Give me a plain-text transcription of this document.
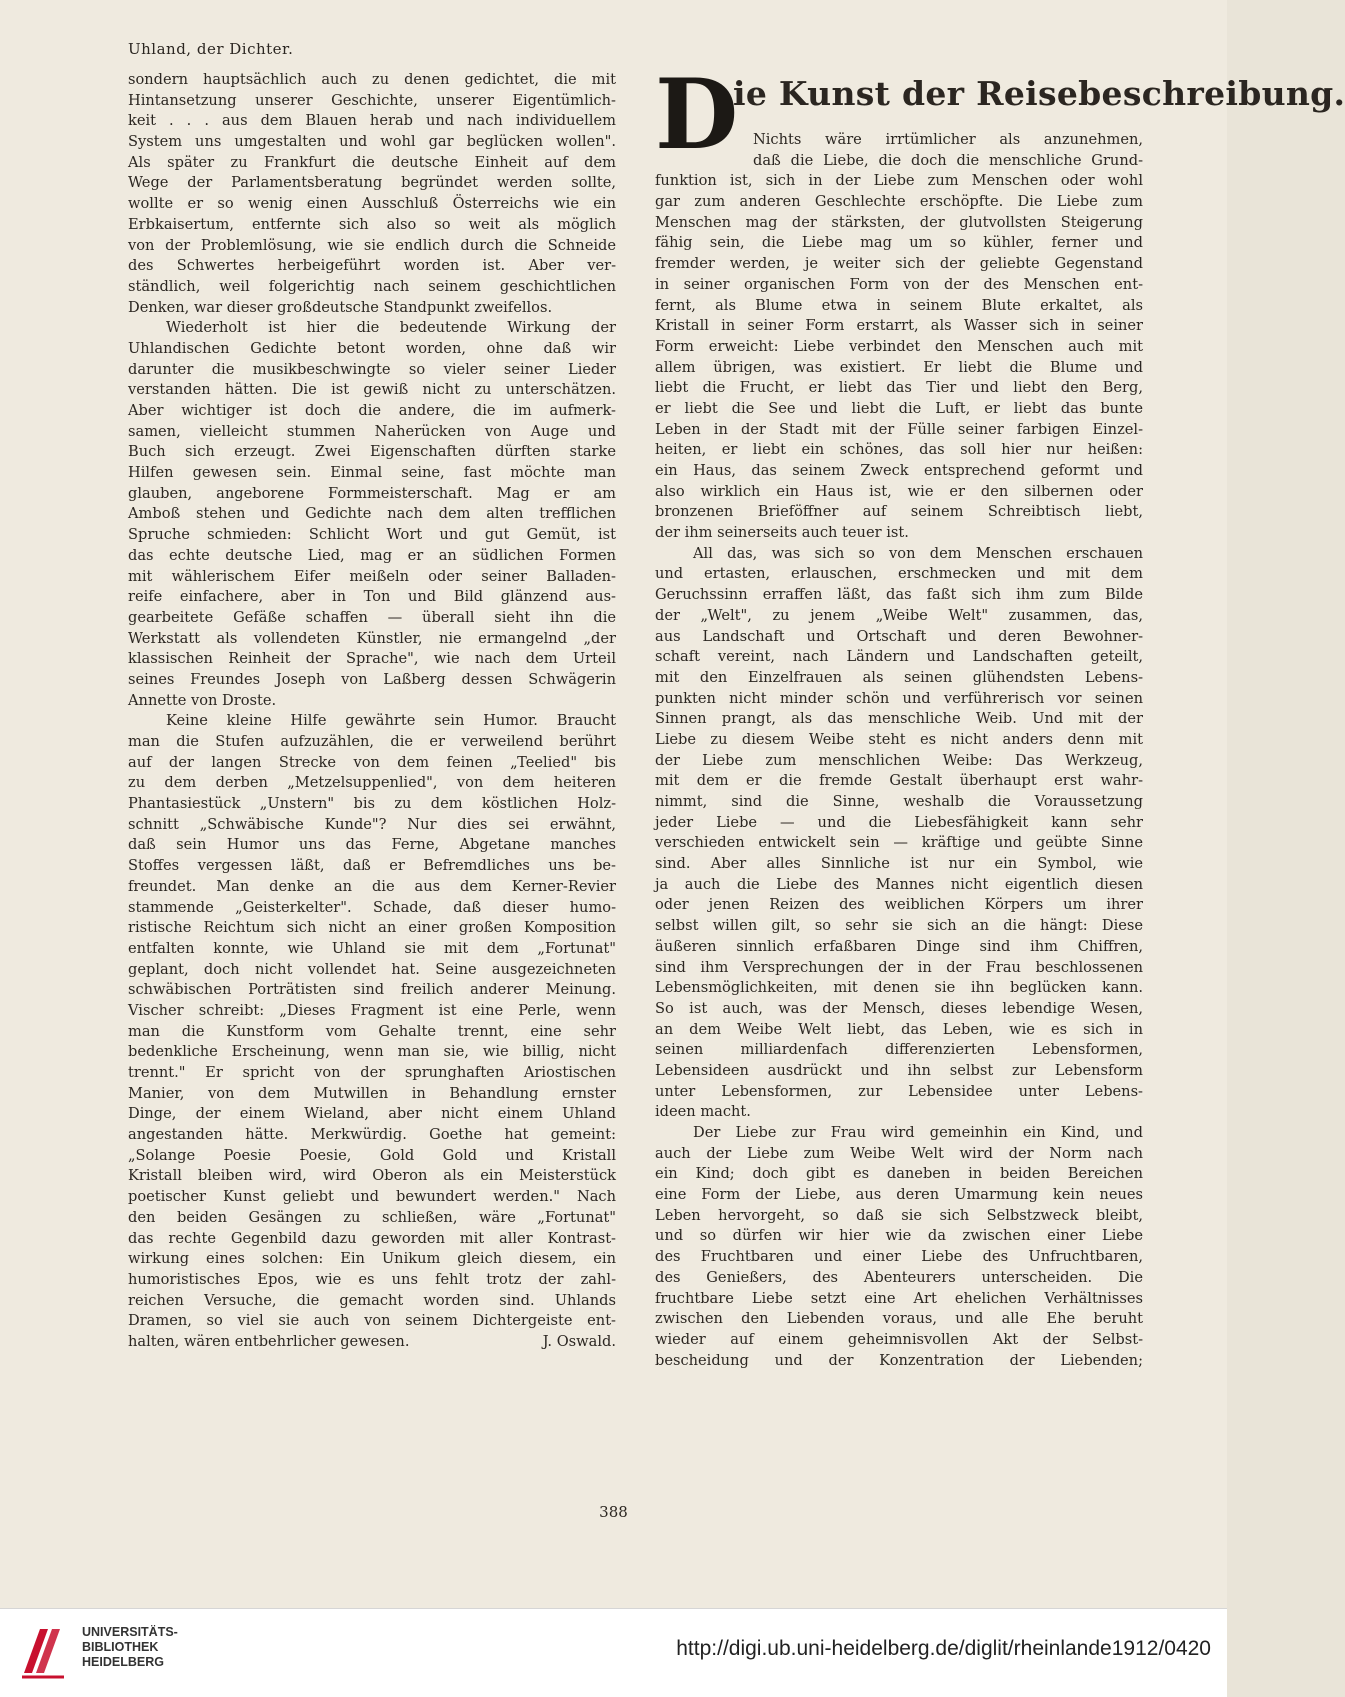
Uhland, der Dichter.
sondern hauptsächlich auch zu denen gedichtet, die mit
Hintansetzung unserer Geschichte, unserer Eigentümlich-
keit . . . aus dem Blauen herab und nach individuellem
System uns umgestalten und wohl gar beglücken wollen".
Als später zu Frankfurt die deutsche Einheit auf dem
Wege der Parlamentsberatung begründet werden sollte,
wollte er so wenig einen Ausschluß Österreichs wie ein
Erbkaisertum, entfernte sich also so weit als möglich
von der Problemlösung, wie sie endlich durch die Schneide
des Schwertes herbeigeführt worden ist. Aber ver-
ständlich, weil folgerichtig nach seinem geschichtlichen
Denken, war dieser großdeutsche Standpunkt zweifellos.
Wiederholt ist hier die bedeutende Wirkung der
Uhlandischen Gedichte betont worden, ohne daß wir
darunter die musikbeschwingte so vieler seiner Lieder
verstanden hätten. Die ist gewiß nicht zu unterschätzen.
Aber wichtiger ist doch die andere, die im aufmerk-
samen, vielleicht stummen Naherücken von Auge und
Buch sich erzeugt. Zwei Eigenschaften dürften starke
Hilfen gewesen sein. Einmal seine, fast möchte man
glauben, angeborene Formmeisterschaft. Mag er am
Amboß stehen und Gedichte nach dem alten trefflichen
Spruche schmieden: Schlicht Wort und gut Gemüt, ist
das echte deutsche Lied, mag er an südlichen Formen
mit wählerischem Eifer meißeln oder seiner Balladen-
reife einfachere, aber in Ton und Bild glänzend aus-
gearbeitete Gefäße schaffen — überall sieht ihn die
Werkstatt als vollendeten Künstler, nie ermangelnd „der
klassischen Reinheit der Sprache", wie nach dem Urteil
seines Freundes Joseph von Laßberg dessen Schwägerin
Annette von Droste.
Keine kleine Hilfe gewährte sein Humor. Braucht
man die Stufen aufzuzählen, die er verweilend berührt
auf der langen Strecke von dem feinen „Teelied" bis
zu dem derben „Metzelsuppenlied", von dem heiteren
Phantasiestück „Unstern" bis zu dem köstlichen Holz-
schnitt „Schwäbische Kunde"? Nur dies sei erwähnt,
daß sein Humor uns das Ferne, Abgetane manches
Stoffes vergessen läßt, daß er Befremdliches uns be-
freundet. Man denke an die aus dem Kerner-Revier
stammende „Geisterkelter". Schade, daß dieser humo-
ristische Reichtum sich nicht an einer großen Komposition
entfalten konnte, wie Uhland sie mit dem „Fortunat"
geplant, doch nicht vollendet hat. Seine ausgezeichneten
schwäbischen Porträtisten sind freilich anderer Meinung.
Vischer schreibt: „Dieses Fragment ist eine Perle, wenn
man die Kunstform vom Gehalte trennt, eine sehr
bedenkliche Erscheinung, wenn man sie, wie billig, nicht
trennt." Er spricht von der sprunghaften Ariostischen
Manier, von dem Mutwillen in Behandlung ernster
Dinge, der einem Wieland, aber nicht einem Uhland
angestanden hätte. Merkwürdig. Goethe hat gemeint:
„Solange Poesie Poesie, Gold Gold und Kristall
Kristall bleiben wird, wird Oberon als ein Meisterstück
poetischer Kunst geliebt und bewundert werden." Nach
den beiden Gesängen zu schließen, wäre „Fortunat"
das rechte Gegenbild dazu geworden mit aller Kontrast-
wirkung eines solchen: Ein Unikum gleich diesem, ein
humoristisches Epos, wie es uns fehlt trotz der zahl-
reichen Versuche, die gemacht worden sind. Uhlands
Dramen, so viel sie auch von seinem Dichtergeiste ent-
halten, wären entbehrlicher gewesen.	J. Oswald.
D
ie Kunst der Reisebeschreibung.
Nichts wäre irrtümlicher als anzunehmen,
daß die Liebe, die doch die menschliche Grund-
funktion ist, sich in der Liebe zum Menschen oder wohl
gar zum anderen Geschlechte erschöpfte. Die Liebe zum
Menschen mag der stärksten, der glutvollsten Steigerung
fähig sein, die Liebe mag um so kühler, ferner und
fremder werden, je weiter sich der geliebte Gegenstand
in seiner organischen Form von der des Menschen ent-
fernt, als Blume etwa in seinem Blute erkaltet, als
Kristall in seiner Form erstarrt, als Wasser sich in seiner
Form erweicht: Liebe verbindet den Menschen auch mit
allem übrigen, was existiert. Er liebt die Blume und
liebt die Frucht, er liebt das Tier und liebt den Berg,
er liebt die See und liebt die Luft, er liebt das bunte
Leben in der Stadt mit der Fülle seiner farbigen Einzel-
heiten, er liebt ein schönes, das soll hier nur heißen:
ein Haus, das seinem Zweck entsprechend geformt und
also wirklich ein Haus ist, wie er den silbernen oder
bronzenen Brieföffner auf seinem Schreibtisch liebt,
der ihm seinerseits auch teuer ist.
All das, was sich so von dem Menschen erschauen
und ertasten, erlauschen, erschmecken und mit dem
Geruchssinn erraffen läßt, das faßt sich ihm zum Bilde
der „Welt", zu jenem „Weibe Welt" zusammen, das,
aus Landschaft und Ortschaft und deren Bewohner-
schaft vereint, nach Ländern und Landschaften geteilt,
mit den Einzelfrauen als seinen glühendsten Lebens-
punkten nicht minder schön und verführerisch vor seinen
Sinnen prangt, als das menschliche Weib. Und mit der
Liebe zu diesem Weibe steht es nicht anders denn mit
der Liebe zum menschlichen Weibe: Das Werkzeug,
mit dem er die fremde Gestalt überhaupt erst wahr-
nimmt, sind die Sinne, weshalb die Voraussetzung
jeder Liebe — und die Liebesfähigkeit kann sehr
verschieden entwickelt sein — kräftige und geübte Sinne
sind. Aber alles Sinnliche ist nur ein Symbol, wie
ja auch die Liebe des Mannes nicht eigentlich diesen
oder jenen Reizen des weiblichen Körpers um ihrer
selbst willen gilt, so sehr sie sich an die hängt: Diese
äußeren sinnlich erfaßbaren Dinge sind ihm Chiffren,
sind ihm Versprechungen der in der Frau beschlossenen
Lebensmöglichkeiten, mit denen sie ihn beglücken kann.
So ist auch, was der Mensch, dieses lebendige Wesen,
an dem Weibe Welt liebt, das Leben, wie es sich in
seinen milliardenfach differenzierten Lebensformen,
Lebensideen ausdrückt und ihn selbst zur Lebensform
unter Lebensformen, zur Lebensidee unter Lebens-
ideen macht.
Der Liebe zur Frau wird gemeinhin ein Kind, und
auch der Liebe zum Weibe Welt wird der Norm nach
ein Kind; doch gibt es daneben in beiden Bereichen
eine Form der Liebe, aus deren Umarmung kein neues
Leben hervorgeht, so daß sie sich Selbstzweck bleibt,
und so dürfen wir hier wie da zwischen einer Liebe
des Fruchtbaren und einer Liebe des Unfruchtbaren,
des Genießers, des Abenteurers unterscheiden. Die
fruchtbare Liebe setzt eine Art ehelichen Verhältnisses
zwischen den Liebenden voraus, und alle Ehe beruht
wieder auf einem geheimnisvollen Akt der Selbst-
bescheidung und der Konzentration der Liebenden;
388
UNIVERSITÄTS-
BIBLIOTHEK
HEIDELBERG
http://digi.ub.uni-heidelberg.de/diglit/rheinlande1912/0420
